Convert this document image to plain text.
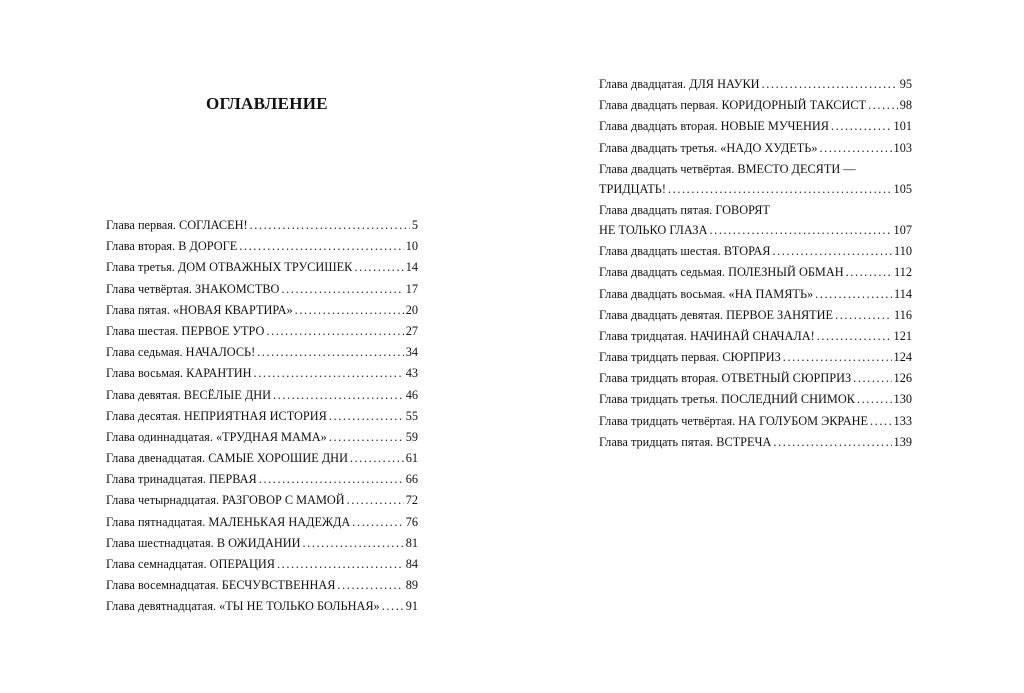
ОГЛАВЛЕНИЕ
Глава первая. СОГЛАСЕН! .....	5
Глава вторая. В ДОРОГЕ .....	10
Глава третья. ДОМ ОТВАЖНЫХ ТРУСИШЕК .....	14
Глава четвёртая. ЗНАКОМСТВО .....	17
Глава пятая. «НОВАЯ КВАРТИРА» .....	20
Глава шестая. ПЕРВОЕ УТРО .....	27
Глава седьмая. НАЧАЛОСЬ! .....	34
Глава восьмая. КАРАНТИН .....	43
Глава девятая. ВЕСЁЛЫЕ ДНИ .....	46
Глава десятая. НЕПРИЯТНАЯ ИСТОРИЯ .....	55
Глава одиннадцатая. «ТРУДНАЯ МАМА» .....	59
Глава двенадцатая. САМЫЕ ХОРОШИЕ ДНИ .....	61
Глава тринадцатая. ПЕРВАЯ .....	66
Глава четырнадцатая. РАЗГОВОР С МАМОЙ .....	72
Глава пятнадцатая. МАЛЕНЬКАЯ НАДЕЖДА .....	76
Глава шестнадцатая. В ОЖИДАНИИ .....	81
Глава семнадцатая. ОПЕРАЦИЯ .....	84
Глава восемнадцатая. БЕСЧУВСТВЕННАЯ .....	89
Глава девятнадцатая. «ТЫ НЕ ТОЛЬКО БОЛЬНАЯ» ..... 91
Глава двадцатая. ДЛЯ НАУКИ .....	95
Глава двадцать первая. КОРИДОРНЫЙ ТАКСИСТ .....	98
Глава двадцать вторая. НОВЫЕ МУЧЕНИЯ .....	101
Глава двадцать третья. «НАДО ХУДЕТЬ» .....	103
Глава двадцать четвёртая. ВМЕСТО ДЕСЯТИ —
ТРИДЦАТЬ! .....	105
Глава двадцать пятая. ГОВОРЯТ
НЕ ТОЛЬКО ГЛАЗА .....	107
Глава двадцать шестая. ВТОРАЯ .....	110
Глава двадцать седьмая. ПОЛЕЗНЫЙ ОБМАН .....	112
Глава двадцать восьмая. «НА ПАМЯТЬ» .....	114
Глава двадцать девятая. ПЕРВОЕ ЗАНЯТИЕ .....	116
Глава тридцатая. НАЧИНАЙ СНАЧАЛА! .....	121
Глава тридцать первая. СЮРПРИЗ .....	124
Глава тридцать вторая. ОТВЕТНЫЙ СЮРПРИЗ .....	126
Глава тридцать третья. ПОСЛЕДНИЙ СНИМОК .....	130
Глава тридцать четвёртая. НА ГОЛУБОМ ЭКРАНЕ ..... 133
Глава тридцать пятая. ВСТРЕЧА .....	139
